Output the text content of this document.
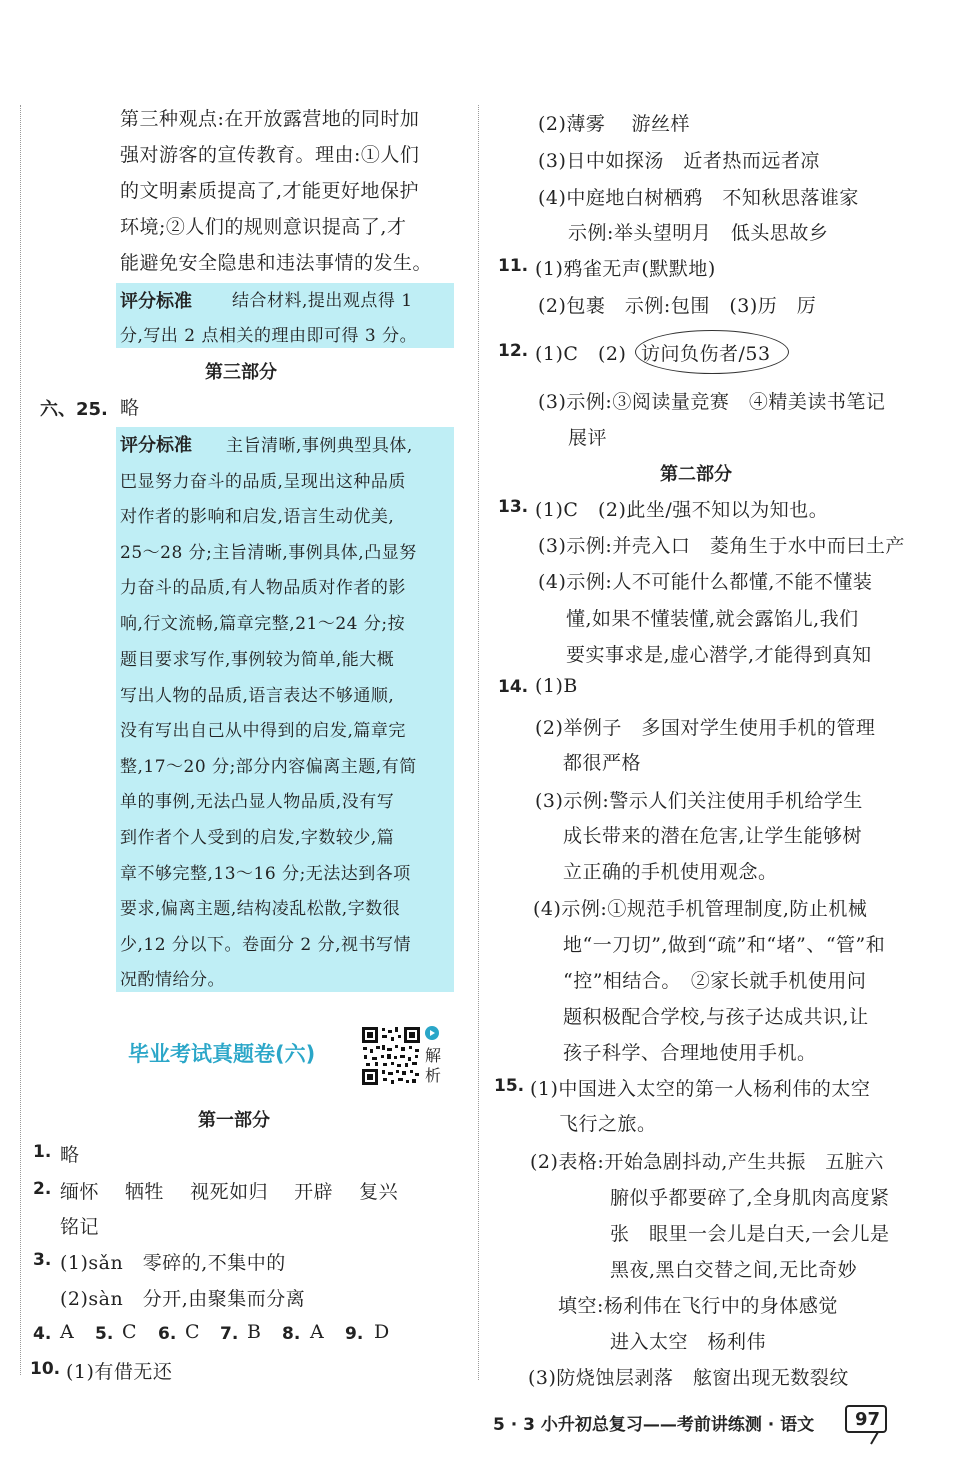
第三种观点:在开放露营地的同时加
强对游客的宣传教育。理由:①人们
的文明素质提高了,才能更好地保护
环境;②人们的规则意识提高了,才
能避免安全隐患和违法事情的发生。
评分标准 结合材料,提出观点得 1
分,写出 2 点相关的理由即可得 3 分。
第三部分
六、25. 略
评分标准 主旨清晰,事例典型具体,
巴显努力奋斗的品质,呈现出这种品质
对作者的影响和启发,语言生动优美,
25～28 分;主旨清晰,事例具体,凸显努
力奋斗的品质,有人物品质对作者的影
响,行文流畅,篇章完整,21～24 分;按
题目要求写作,事例较为简单,能大概
写出人物的品质,语言表达不够通顺,
没有写出自己从中得到的启发,篇章完
整,17～20 分;部分内容偏离主题,有简
单的事例,无法凸显人物品质,没有写
到作者个人受到的启发,字数较少,篇
章不够完整,13～16 分;无法达到各项
要求,偏离主题,结构凌乱松散,字数很
少,12 分以下。卷面分 2 分,视书写情
况酌情给分。
毕业考试真题卷(六)	解
析
第一部分
1. 略
2. 缅怀　 牺牲　 视死如归　 开辟　 复兴
铭记
3. (1)sǎn　零碎的,不集中的
(2)sàn　分开,由聚集而分离
4. A 5. C 6. C 7. B 8. A 9. D
10. (1)有借无还
(2)薄雾　 游丝样
(3)日中如探汤　近者热而远者凉
(4)中庭地白树栖鸦　不知秋思落谁家
示例:举头望明月　低头思故乡
11. (1)鸦雀无声(默默地)
(2)包裹　示例:包围　(3)历　厉
12. (1)C　(2) 访问负伤者/53
(3)示例:③阅读量竞赛　④精美读书笔记
展评
第二部分
13. (1)C　(2)此坐/强不知以为知也。
(3)示例:并壳入口　菱角生于水中而曰土产
(4)示例:人不可能什么都懂,不能不懂装
懂,如果不懂装懂,就会露馅儿,我们
要实事求是,虚心潜学,才能得到真知
14. (1)B
(2)举例子　多国对学生使用手机的管理
都很严格
(3)示例:警示人们关注使用手机给学生
成长带来的潜在危害,让学生能够树
立正确的手机使用观念。
(4)示例:①规范手机管理制度,防止机械
地“一刀切”,做到“疏”和“堵”、“管”和
“控”相结合。　②家长就手机使用问
题积极配合学校,与孩子达成共识,让
孩子科学、合理地使用手机。
15. (1)中国进入太空的第一人杨利伟的太空
飞行之旅。
(2)表格:开始急剧抖动,产生共振　五脏六
腑似乎都要碎了,全身肌肉高度紧
张　眼里一会儿是白天,一会儿是
黑夜,黑白交替之间,无比奇妙
填空:杨利伟在飞行中的身体感觉
进入太空　杨利伟
(3)防烧蚀层剥落　舷窗出现无数裂纹
5 · 3 小升初总复习——考前讲练测 · 语文 97
